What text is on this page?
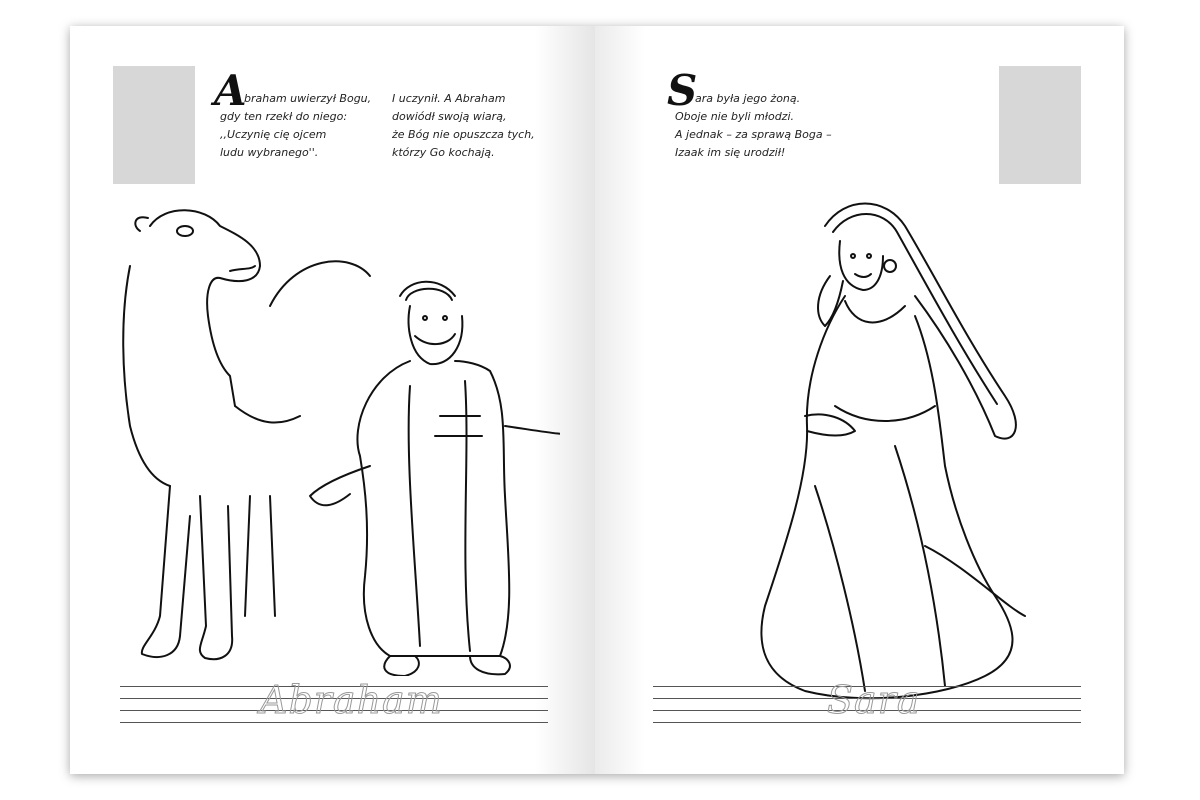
A
braham uwierzył Bogu,
gdy ten rzekł do niego:
,,Uczynię cię ojcem
ludu wybranego''.
I uczynił. A Abraham
dowiódł swoją wiarą,
że Bóg nie opuszcza tych,
którzy Go kochają.
Abraham
S
ara była jego żoną.
Oboje nie byli młodzi.
A jednak – za sprawą Boga –
Izaak im się urodził!
Sara
